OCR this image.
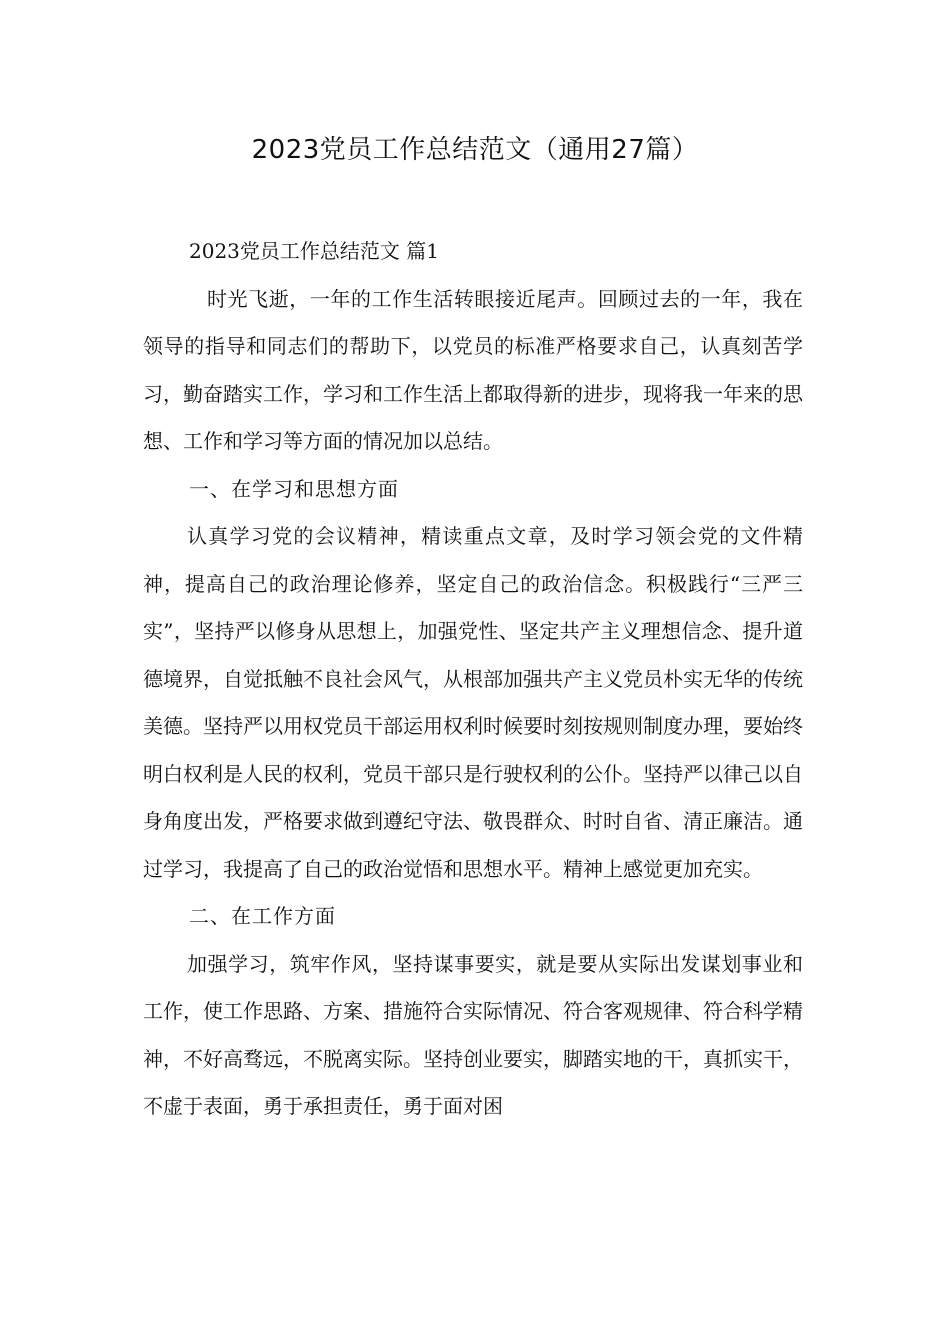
2023党员工作总结范文（通用27篇）

2023党员工作总结范文 篇1

时光飞逝，一年的工作生活转眼接近尾声。回顾过去的一年，我在领导的指导和同志们的帮助下，以党员的标准严格要求自己，认真刻苦学习，勤奋踏实工作，学习和工作生活上都取得新的进步，现将我一年来的思想、工作和学习等方面的情况加以总结。

一、在学习和思想方面

认真学习党的会议精神，精读重点文章，及时学习领会党的文件精神，提高自己的政治理论修养，坚定自己的政治信念。积极践行“三严三实”，坚持严以修身从思想上，加强党性、坚定共产主义理想信念、提升道德境界，自觉抵触不良社会风气，从根部加强共产主义党员朴实无华的传统美德。坚持严以用权党员干部运用权利时候要时刻按规则制度办理，要始终明白权利是人民的权利，党员干部只是行驶权利的公仆。坚持严以律己以自身角度出发，严格要求做到遵纪守法、敬畏群众、时时自省、清正廉洁。通过学习，我提高了自己的政治觉悟和思想水平。精神上感觉更加充实。

二、在工作方面

加强学习，筑牢作风，坚持谋事要实，就是要从实际出发谋划事业和工作，使工作思路、方案、措施符合实际情况、符合客观规律、符合科学精神，不好高骛远，不脱离实际。坚持创业要实，脚踏实地的干，真抓实干，不虚于表面，勇于承担责任，勇于面对困
